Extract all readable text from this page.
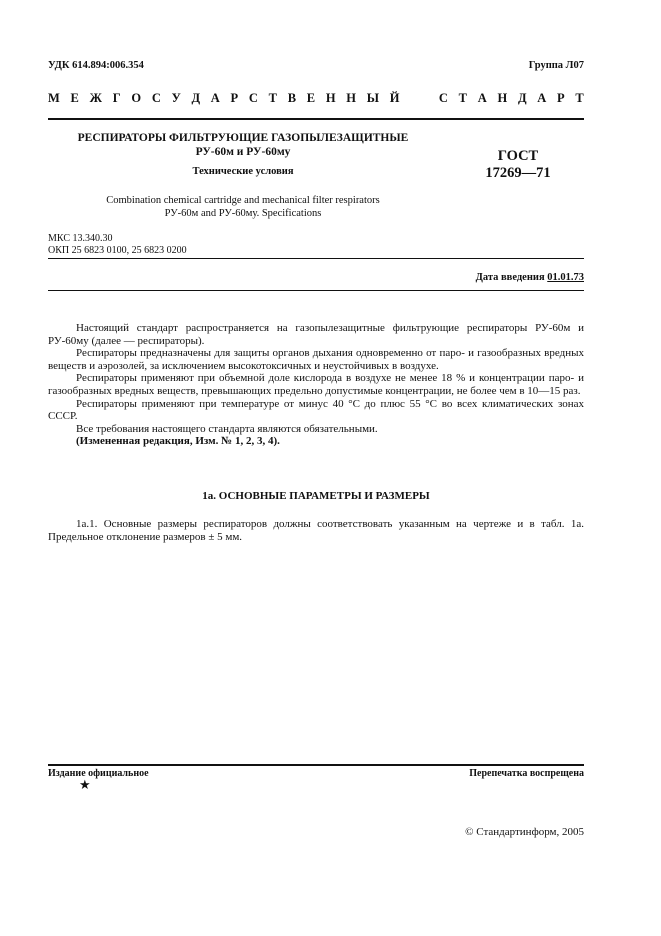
УДК 614.894:006.354	Группа Л07
М Е Ж Г О С У Д А Р С Т В Е Н Н Ы Й	С Т А Н Д А Р Т
РЕСПИРАТОРЫ ФИЛЬТРУЮЩИЕ ГАЗОПЫЛЕЗАЩИТНЫЕ
РУ-60м и РУ-60му
Технические условия
Combination chemical cartridge and mechanical filter respirators
РУ-60м and РУ-60му. Specifications
ГОСТ
17269—71
МКС 13.340.30
ОКП 25 6823 0100, 25 6823 0200
Дата введения 01.01.73

Настоящий стандарт распространяется на газопылезащитные фильтрующие респираторы РУ-60м и РУ-60му (далее — респираторы).

Респираторы предназначены для защиты органов дыхания одновременно от паро- и газообразных вредных веществ и аэрозолей, за исключением высокотоксичных и неустойчивых в воздухе.

Респираторы применяют при объемной доле кислорода в воздухе не менее 18 % и концентрации паро- и газообразных вредных веществ, превышающих предельно допустимые концентрации, не более чем в 10—15 раз.

Респираторы применяют при температуре от минус 40 °С до плюс 55 °С во всех климатических зонах СССР.

Все требования настоящего стандарта являются обязательными.

(Измененная редакция, Изм. № 1, 2, 3, 4).

1а. ОСНОВНЫЕ ПАРАМЕТРЫ И РАЗМЕРЫ

1а.1. Основные размеры респираторов должны соответствовать указанным на чертеже и в табл. 1а. Предельное отклонение размеров ± 5 мм.

Издание официальное	Перепечатка воспрещена
★
© Стандартинформ, 2005
